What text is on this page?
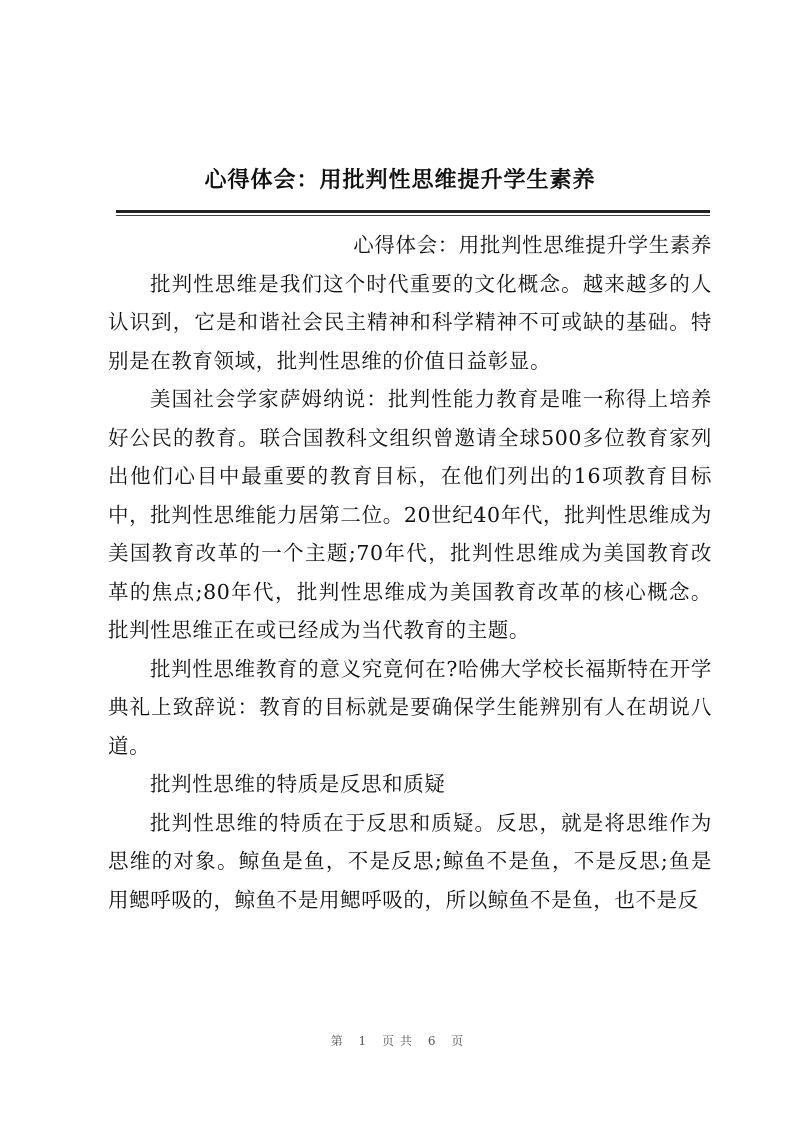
心得体会：用批判性思维提升学生素养

心得体会：用批判性思维提升学生素养

批判性思维是我们这个时代重要的文化概念。越来越多的人认识到，它是和谐社会民主精神和科学精神不可或缺的基础。特别是在教育领域，批判性思维的价值日益彰显。

美国社会学家萨姆纳说：批判性能力教育是唯一称得上培养好公民的教育。联合国教科文组织曾邀请全球500多位教育家列出他们心目中最重要的教育目标，在他们列出的16项教育目标中，批判性思维能力居第二位。20世纪40年代，批判性思维成为美国教育改革的一个主题;70年代，批判性思维成为美国教育改革的焦点;80年代，批判性思维成为美国教育改革的核心概念。批判性思维正在或已经成为当代教育的主题。

批判性思维教育的意义究竟何在?哈佛大学校长福斯特在开学典礼上致辞说：教育的目标就是要确保学生能辨别有人在胡说八道。

批判性思维的特质是反思和质疑

批判性思维的特质在于反思和质疑。反思，就是将思维作为思维的对象。鲸鱼是鱼，不是反思;鲸鱼不是鱼，不是反思;鱼是用鳃呼吸的，鲸鱼不是用鳃呼吸的，所以鲸鱼不是鱼，也不是反

第 1 页共 6 页
